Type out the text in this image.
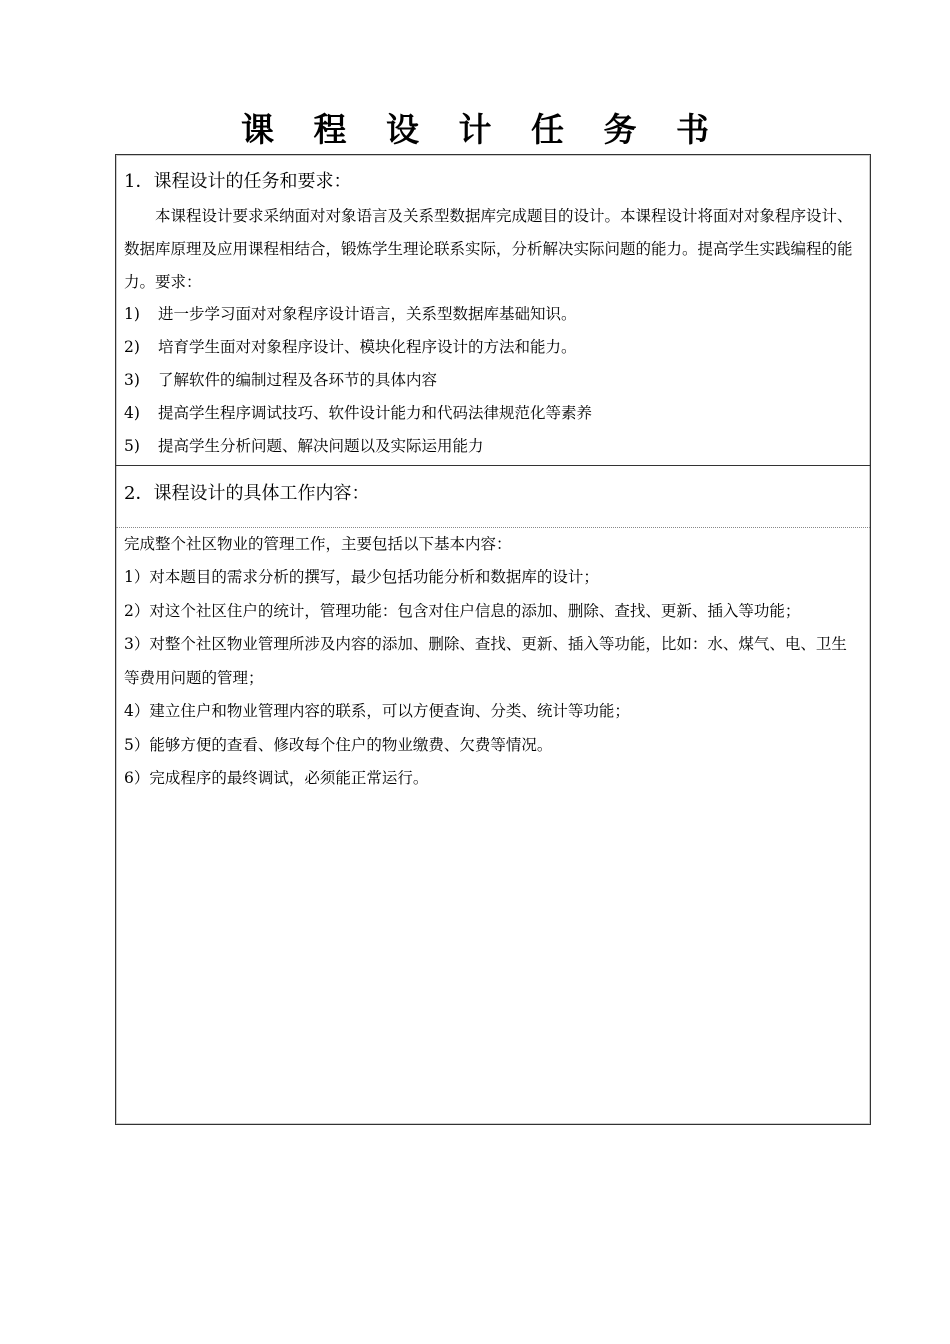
课 程 设 计 任 务 书
1．课程设计的任务和要求：
本课程设计要求采纳面对对象语言及关系型数据库完成题目的设计。本课程设计将面对对象程序设计、数据库原理及应用课程相结合，锻炼学生理论联系实际，分析解决实际问题的能力。提高学生实践编程的能力。要求：
1) 进一步学习面对对象程序设计语言，关系型数据库基础知识。
2) 培育学生面对对象程序设计、模块化程序设计的方法和能力。
3) 了解软件的编制过程及各环节的具体内容
4) 提高学生程序调试技巧、软件设计能力和代码法律规范化等素养
5) 提高学生分析问题、解决问题以及实际运用能力
2．课程设计的具体工作内容：
完成整个社区物业的管理工作，主要包括以下基本内容：
1）对本题目的需求分析的撰写，最少包括功能分析和数据库的设计；
2）对这个社区住户的统计，管理功能：包含对住户信息的添加、删除、查找、更新、插入等功能；
3）对整个社区物业管理所涉及内容的添加、删除、查找、更新、插入等功能，比如：水、煤气、电、卫生等费用问题的管理；
4）建立住户和物业管理内容的联系，可以方便查询、分类、统计等功能；
5）能够方便的查看、修改每个住户的物业缴费、欠费等情况。
6）完成程序的最终调试，必须能正常运行。
